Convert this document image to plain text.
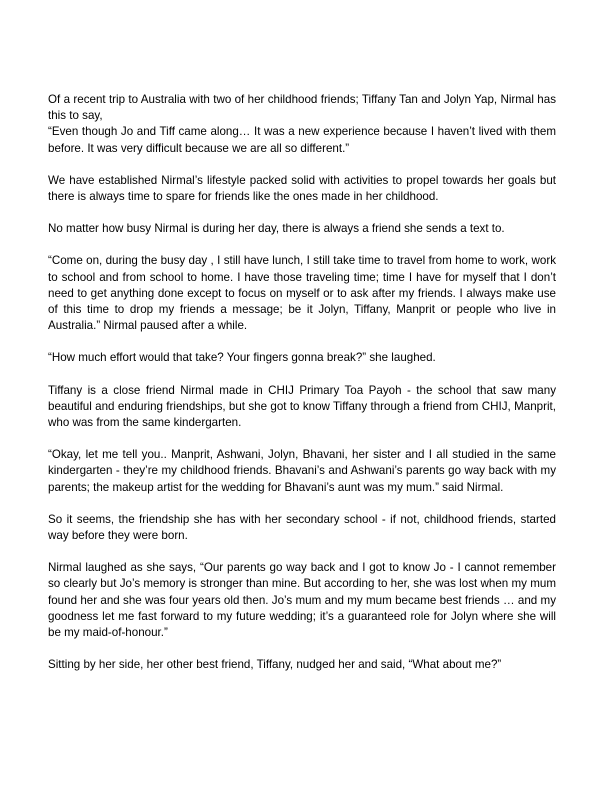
Of a recent trip to Australia with two of her childhood friends; Tiffany Tan and Jolyn Yap, Nirmal has this to say,

“Even though Jo and Tiff came along… It was a new experience because I haven’t lived with them before. It was very difficult because we are all so different.”

We have established Nirmal’s lifestyle packed solid with activities to propel towards her goals but there is always time to spare for friends like the ones made in her childhood.

No matter how busy Nirmal is during her day, there is always a friend she sends a text to.

“Come on, during the busy day , I still have lunch, I still take time to travel from home to work, work to school and from school to home. I have those traveling time; time I have for myself that I don’t need to get anything done except to focus on myself or to ask after my friends. I always make use of this time to drop my friends a message; be it Jolyn, Tiffany, Manprit or people who live in Australia.” Nirmal paused after a while.

“How much effort would that take? Your fingers gonna break?” she laughed.

Tiffany is a close friend Nirmal made in CHIJ Primary Toa Payoh - the school that saw many beautiful and enduring friendships, but she got to know Tiffany through a friend from CHIJ, Manprit, who was from the same kindergarten.

“Okay, let me tell you.. Manprit, Ashwani, Jolyn, Bhavani, her sister and I all studied in the same kindergarten - they’re my childhood friends. Bhavani’s and Ashwani’s parents go way back with my parents; the makeup artist for the wedding for Bhavani’s aunt was my mum.” said Nirmal.

So it seems, the friendship she has with her secondary school - if not, childhood friends, started way before they were born.

Nirmal laughed as she says, “Our parents go way back and I got to know Jo - I cannot remember so clearly but Jo’s memory is stronger than mine. But according to her, she was lost when my mum found her and she was four years old then. Jo’s mum and my mum became best friends … and my goodness let me fast forward to my future wedding; it’s a guaranteed role for Jolyn where she will be my maid-of-honour.”

Sitting by her side, her other best friend, Tiffany, nudged her and said, “What about me?”
